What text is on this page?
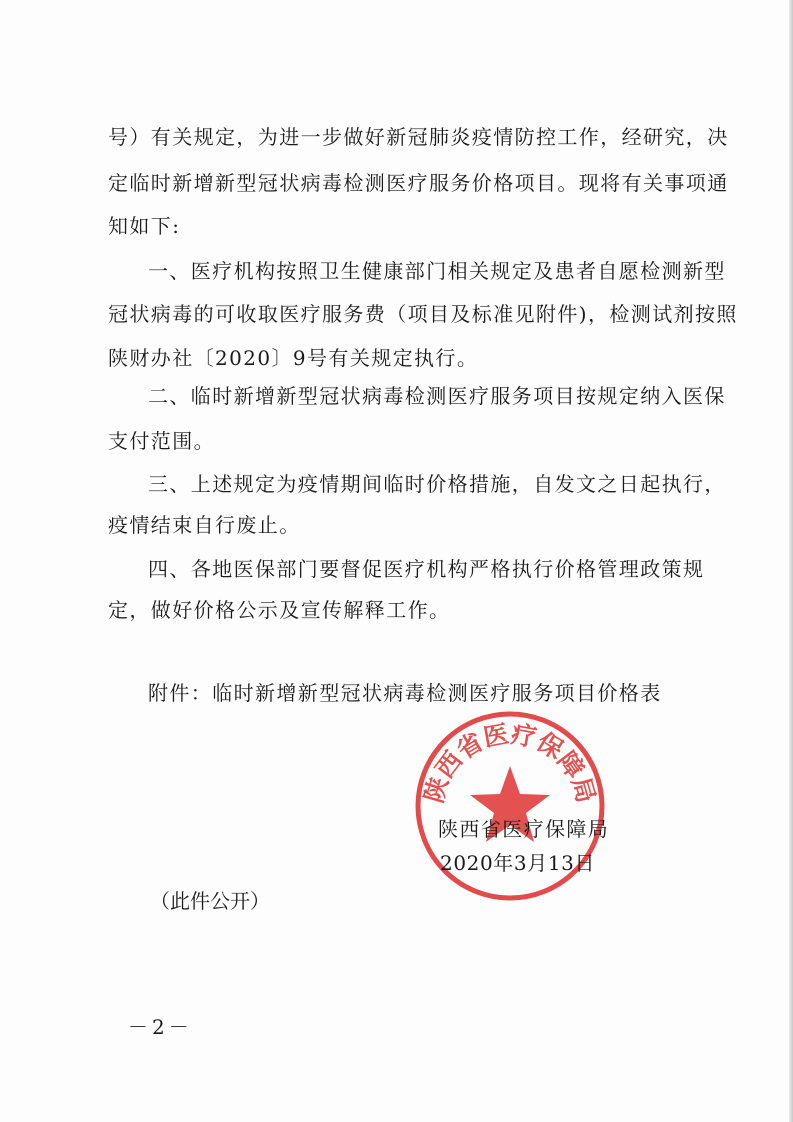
号）有关规定，为进一步做好新冠肺炎疫情防控工作，经研究，决
定临时新增新型冠状病毒检测医疗服务价格项目。现将有关事项通
知如下:
一、医疗机构按照卫生健康部门相关规定及患者自愿检测新型
冠状病毒的可收取医疗服务费（项目及标准见附件)，检测试剂按照
陕财办社〔2020〕9号有关规定执行。
二、临时新增新型冠状病毒检测医疗服务项目按规定纳入医保
支付范围。
三、上述规定为疫情期间临时价格措施，自发文之日起执行，
疫情结束自行废止。
四、各地医保部门要督促医疗机构严格执行价格管理政策规
定，做好价格公示及宣传解释工作。
附件：临时新增新型冠状病毒检测医疗服务项目价格表
陕西省医疗保障局
陕西省医疗保障局
2020年3月13日
（此件公开）
－2－
